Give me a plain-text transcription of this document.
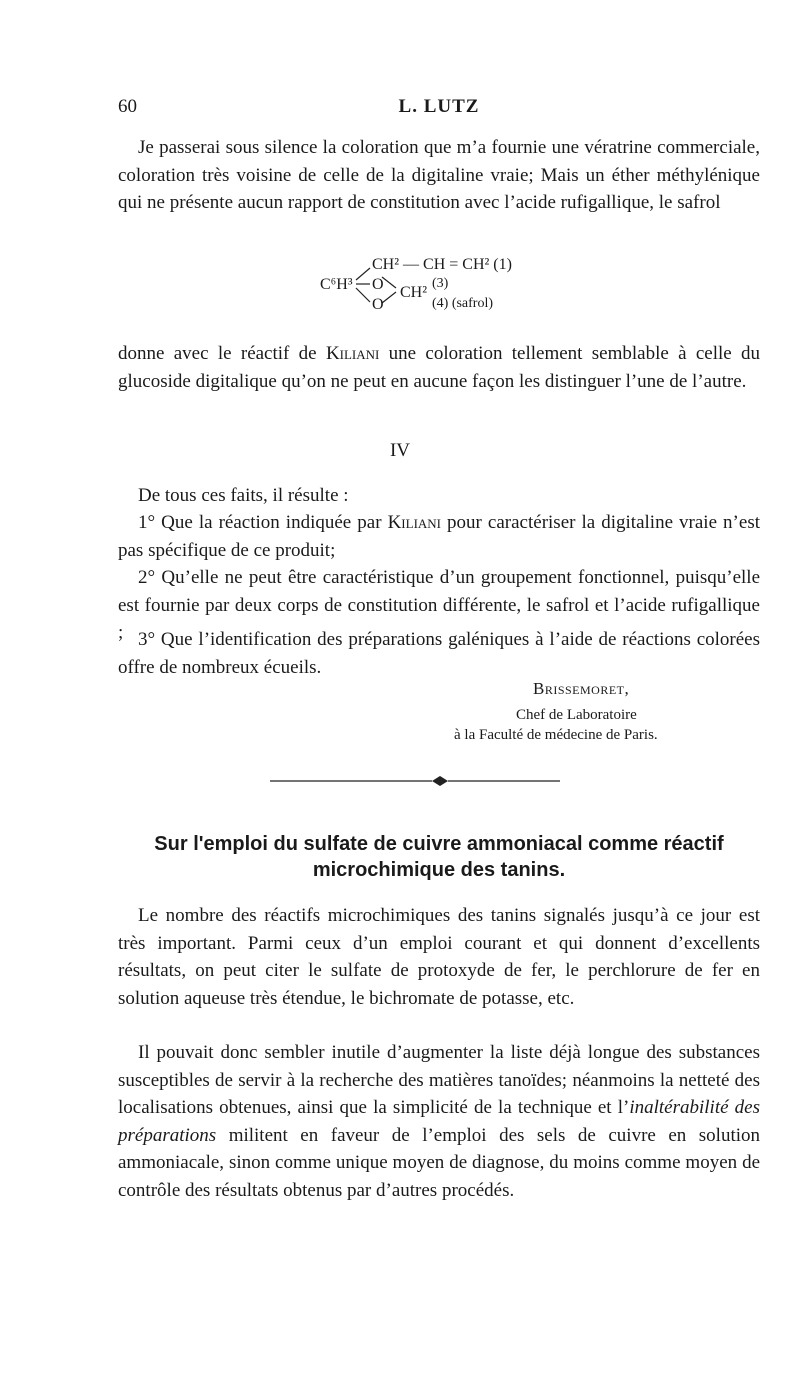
60	L. LUTZ

Je passerai sous silence la coloration que m’a fournie une vératrine commerciale, coloration très voisine de celle de la digitaline vraie; Mais un éther méthylénique qui ne présente aucun rapport de constitution avec l’acide rufigallique, le safrol

C⁶H³
CH² — CH = CH² (1)
O
O
CH²
(3)
(4) (safrol)

donne avec le réactif de Kiliani une coloration tellement semblable à celle du glucoside digitalique qu’on ne peut en aucune façon les distinguer l’une de l’autre.

IV

De tous ces faits, il résulte :

1° Que la réaction indiquée par Kiliani pour caractériser la digitaline vraie n’est pas spécifique de ce produit;

2° Qu’elle ne peut être caractéristique d’un groupement fonctionnel, puisqu’elle est fournie par deux corps de constitution différente, le safrol et l’acide rufigallique ; 3° Que l’identification des préparations galéniques à l’aide de réactions colorées offre de nombreux écueils.

Brissemoret,
Chef de Laboratoire
à la Faculté de médecine de Paris.
Sur l'emploi du sulfate de cuivre ammoniacal comme réactif
microchimique des tanins.

Le nombre des réactifs microchimiques des tanins signalés jusqu’à ce jour est très important. Parmi ceux d’un emploi courant et qui donnent d’excellents résultats, on peut citer le sulfate de protoxyde de fer, le perchlorure de fer en solution aqueuse très étendue, le bichromate de potasse, etc.

Il pouvait donc sembler inutile d’augmenter la liste déjà longue des substances susceptibles de servir à la recherche des matières tanoïdes; néanmoins la netteté des localisations obtenues, ainsi que la simplicité de la technique et l’inaltérabilité des préparations militent en faveur de l’emploi des sels de cuivre en solution ammoniacale, sinon comme unique moyen de diagnose, du moins comme moyen de contrôle des résultats obtenus par d’autres procédés.
